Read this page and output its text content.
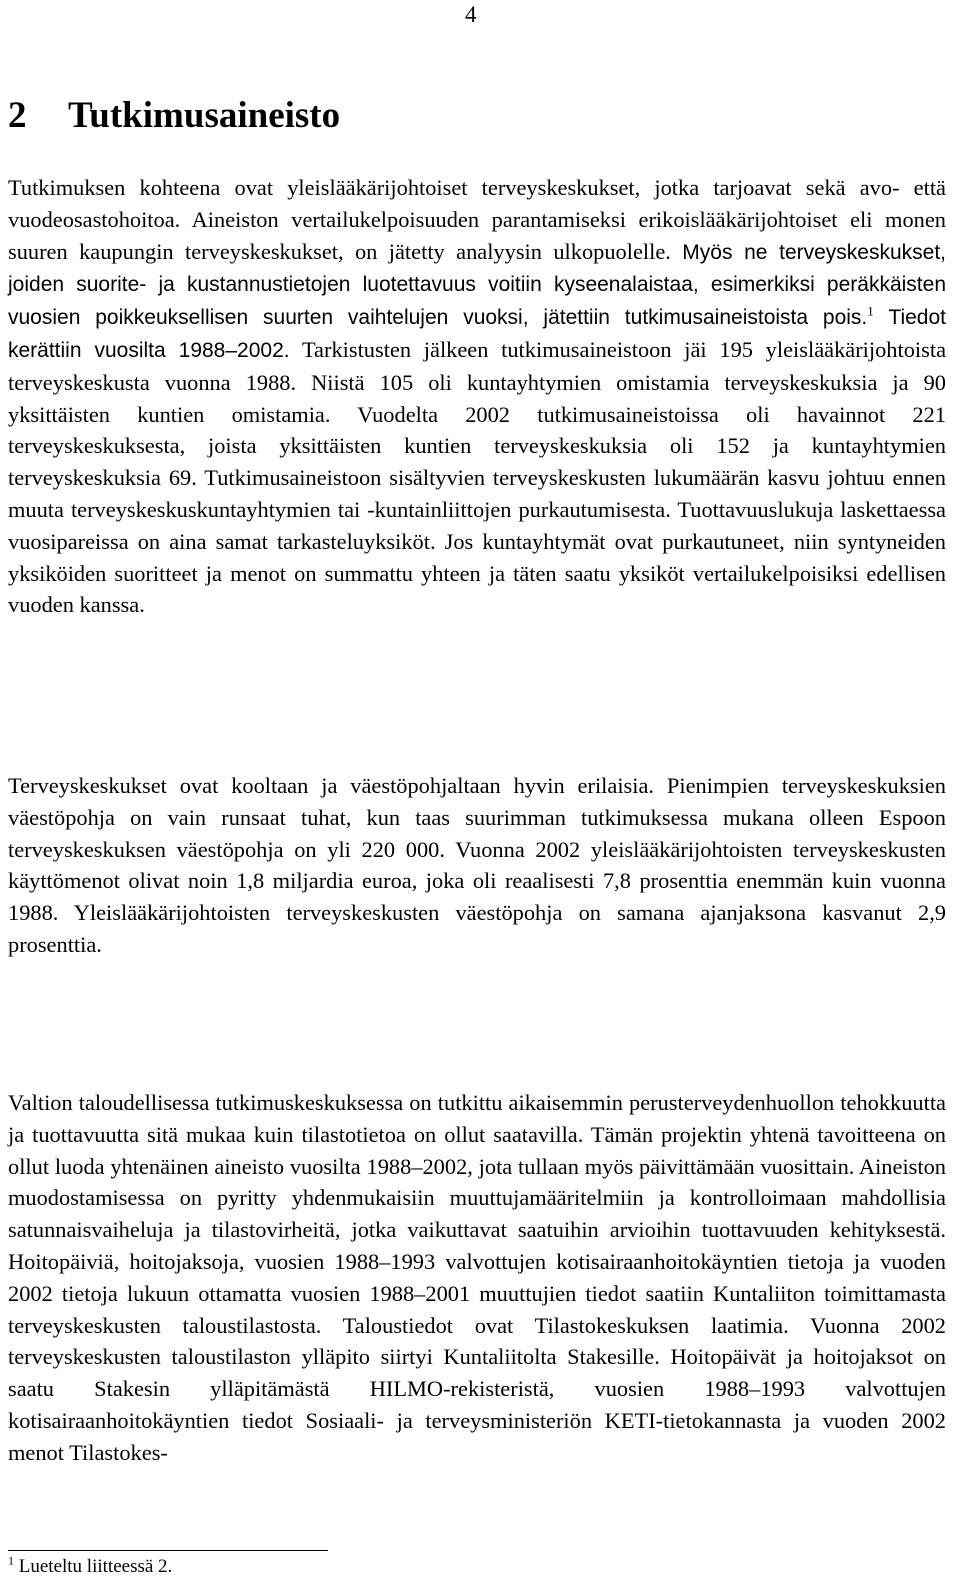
4
2 Tutkimusaineisto

Tutkimuksen kohteena ovat yleislääkärijohtoiset terveyskeskukset, jotka tarjoavat sekä avo- että vuodeosastohoitoa. Aineiston vertailukelpoisuuden parantamiseksi erikoislääkärijohtoiset eli monen suuren kaupungin terveyskeskukset, on jätetty analyysin ulkopuolelle. Myös ne terveyskeskukset, joiden suorite- ja kustannustietojen luotettavuus voitiin kyseenalaistaa, esimerkiksi peräkkäisten vuosien poikkeuksellisen suurten vaihtelujen vuoksi, jätettiin tutkimusaineistoista pois.$^1$ Tiedot kerättiin vuosilta 1988–2002. Tarkistusten jälkeen tutkimusaineistoon jäi 195 yleislääkärijohtoista terveyskeskusta vuonna 1988. Niistä 105 oli kuntayhtymien omistamia terveyskeskuksia ja 90 yksittäisten kuntien omistamia. Vuodelta 2002 tutkimusaineistoissa oli havainnot 221 terveyskeskuksesta, joista yksittäisten kuntien terveyskeskuksia oli 152 ja kuntayhtymien terveyskeskuksia 69. Tutkimusaineistoon sisältyvien terveyskeskusten lukumäärän kasvu johtuu ennen muuta terveyskeskuskuntayhtymien tai -kuntainliittojen purkautumisesta. Tuottavuuslukuja laskettaessa vuosipareissa on aina samat tarkasteluyksiköt. Jos kuntayhtymät ovat purkautuneet, niin syntyneiden yksiköiden suoritteet ja menot on summattu yhteen ja täten saatu yksiköt vertailukelpoisiksi edellisen vuoden kanssa.

Terveyskeskukset ovat kooltaan ja väestöpohjaltaan hyvin erilaisia. Pienimpien terveyskeskuksien väestöpohja on vain runsaat tuhat, kun taas suurimman tutkimuksessa mukana olleen Espoon terveyskeskuksen väestöpohja on yli 220 000. Vuonna 2002 yleislääkärijohtoisten terveyskeskusten käyttömenot olivat noin 1,8 miljardia euroa, joka oli reaalisesti 7,8 prosenttia enemmän kuin vuonna 1988. Yleislääkärijohtoisten terveyskeskusten väestöpohja on samana ajanjaksona kasvanut 2,9 prosenttia.

Valtion taloudellisessa tutkimuskeskuksessa on tutkittu aikaisemmin perusterveydenhuollon tehokkuutta ja tuottavuutta sitä mukaa kuin tilastotietoa on ollut saatavilla. Tämän projektin yhtenä tavoitteena on ollut luoda yhtenäinen aineisto vuosilta 1988–2002, jota tullaan myös päivittämään vuosittain. Aineiston muodostamisessa on pyritty yhdenmukaisiin muuttujamääritelmiin ja kontrolloimaan mahdollisia satunnaisvaiheluja ja tilastovirheitä, jotka vaikuttavat saatuihin arvioihin tuottavuuden kehityksestä. Hoitopäiviä, hoitojaksoja, vuosien 1988–1993 valvottujen kotisairaanhoitokäyntien tietoja ja vuoden 2002 tietoja lukuun ottamatta vuosien 1988–2001 muuttujien tiedot saatiin Kuntaliiton toimittamasta terveyskeskusten taloustilastosta. Taloustiedot ovat Tilastokeskuksen laatimia. Vuonna 2002 terveyskeskusten taloustilaston ylläpito siirtyi Kuntaliitolta Stakesille. Hoitopäivät ja hoitojaksot on saatu Stakesin ylläpitämästä HILMO-rekisteristä, vuosien 1988–1993 valvottujen kotisairaanhoitokäyntien tiedot Sosiaali- ja terveysministeriön KETI-tietokannasta ja vuoden 2002 menot Tilastokes-

$^1$ Lueteltu liitteessä 2.
